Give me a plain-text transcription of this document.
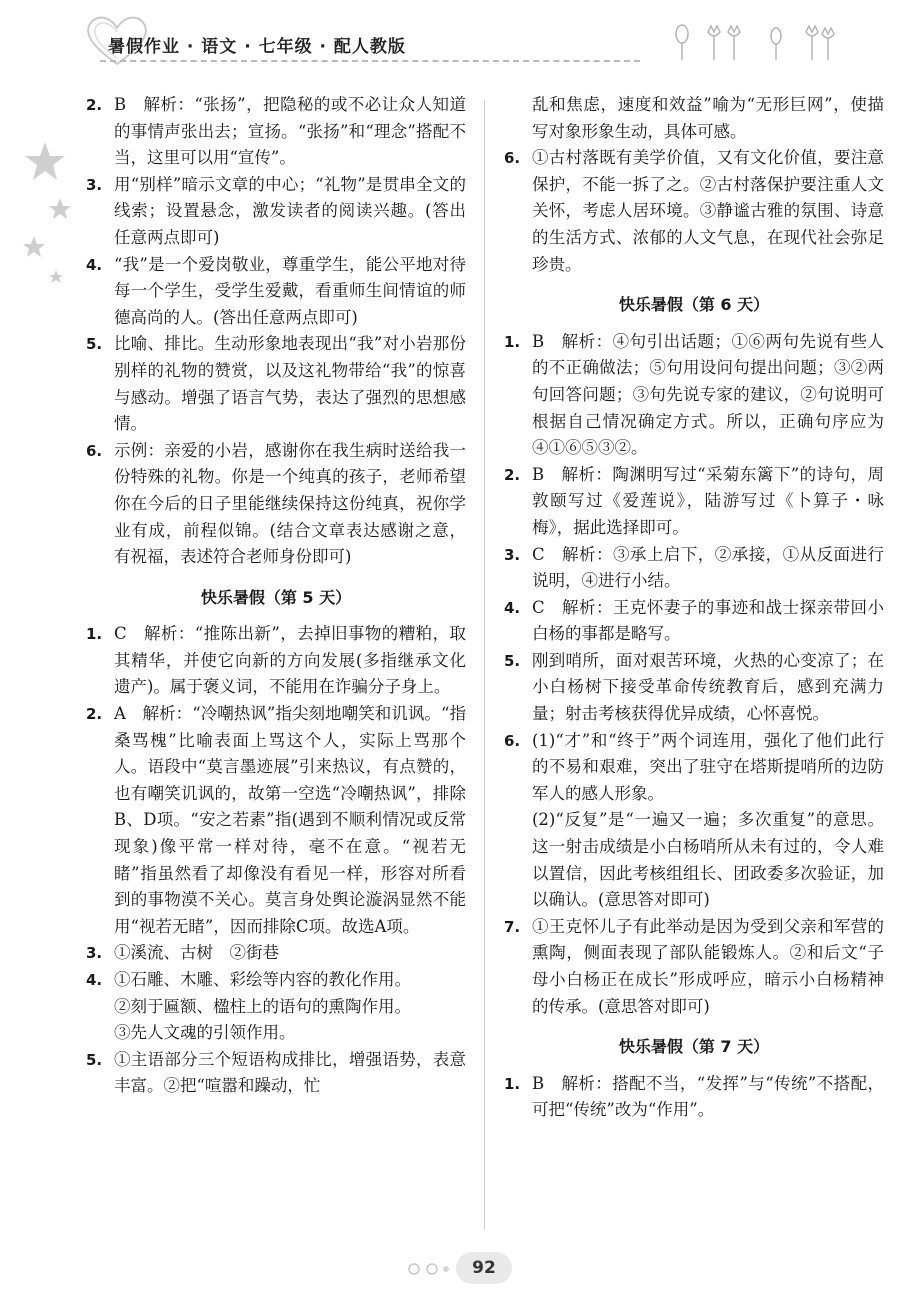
暑假作业 · 语文 · 七年级 · 配人教版
2. B　解析：“张扬”，把隐秘的或不必让众人知道的事情声张出去；宣扬。“张扬”和“理念”搭配不当，这里可以用“宣传”。
3. 用“别样”暗示文章的中心；“礼物”是贯串全文的线索；设置悬念，激发读者的阅读兴趣。(答出任意两点即可)
4. “我”是一个爱岗敬业，尊重学生，能公平地对待每一个学生，受学生爱戴，看重师生间情谊的师德高尚的人。(答出任意两点即可)
5. 比喻、排比。生动形象地表现出“我”对小岩那份别样的礼物的赞赏，以及这礼物带给“我”的惊喜与感动。增强了语言气势，表达了强烈的思想感情。
6. 示例：亲爱的小岩，感谢你在我生病时送给我一份特殊的礼物。你是一个纯真的孩子，老师希望你在今后的日子里能继续保持这份纯真，祝你学业有成，前程似锦。(结合文章表达感谢之意，有祝福，表述符合老师身份即可)
快乐暑假（第 5 天）
1. C　解析：“推陈出新”，去掉旧事物的糟粕，取其精华，并使它向新的方向发展(多指继承文化遗产)。属于褒义词，不能用在诈骗分子身上。
2. A　解析：“冷嘲热讽”指尖刻地嘲笑和讥讽。“指桑骂槐”比喻表面上骂这个人，实际上骂那个人。语段中“莫言墨迹展”引来热议，有点赞的，也有嘲笑讥讽的，故第一空选“冷嘲热讽”，排除B、D项。“安之若素”指(遇到不顺利情况或反常现象)像平常一样对待，毫不在意。“视若无睹”指虽然看了却像没有看见一样，形容对所看到的事物漠不关心。莫言身处舆论漩涡显然不能用“视若无睹”，因而排除C项。故选A项。
3. ①溪流、古树　②街巷
4. ①石雕、木雕、彩绘等内容的教化作用。
②刻于匾额、楹柱上的语句的熏陶作用。
③先人文魂的引领作用。
5. ①主语部分三个短语构成排比，增强语势，表意丰富。②把“喧嚣和躁动，忙
乱和焦虑，速度和效益”喻为“无形巨网”，使描写对象形象生动，具体可感。
6. ①古村落既有美学价值，又有文化价值，要注意保护，不能一拆了之。②古村落保护要注重人文关怀，考虑人居环境。③静谧古雅的氛围、诗意的生活方式、浓郁的人文气息，在现代社会弥足珍贵。
快乐暑假（第 6 天）
1. B　解析：④句引出话题；①⑥两句先说有些人的不正确做法；⑤句用设问句提出问题；③②两句回答问题；③句先说专家的建议，②句说明可根据自己情况确定方式。所以，正确句序应为④①⑥⑤③②。
2. B　解析：陶渊明写过“采菊东篱下”的诗句，周敦颐写过《爱莲说》，陆游写过《卜算子・咏梅》，据此选择即可。
3. C　解析：③承上启下，②承接，①从反面进行说明，④进行小结。
4. C　解析：王克怀妻子的事迹和战士探亲带回小白杨的事都是略写。
5. 刚到哨所，面对艰苦环境，火热的心变凉了；在小白杨树下接受革命传统教育后，感到充满力量；射击考核获得优异成绩，心怀喜悦。
6. (1)“才”和“终于”两个词连用，强化了他们此行的不易和艰难，突出了驻守在塔斯提哨所的边防军人的感人形象。
(2)“反复”是“一遍又一遍；多次重复”的意思。这一射击成绩是小白杨哨所从未有过的，令人难以置信，因此考核组组长、团政委多次验证，加以确认。(意思答对即可)
7. ①王克怀儿子有此举动是因为受到父亲和军营的熏陶，侧面表现了部队能锻炼人。②和后文“子母小白杨正在成长”形成呼应，暗示小白杨精神的传承。(意思答对即可)
快乐暑假（第 7 天）
1. B　解析：搭配不当，“发挥”与“传统”不搭配，可把“传统”改为“作用”。
92
